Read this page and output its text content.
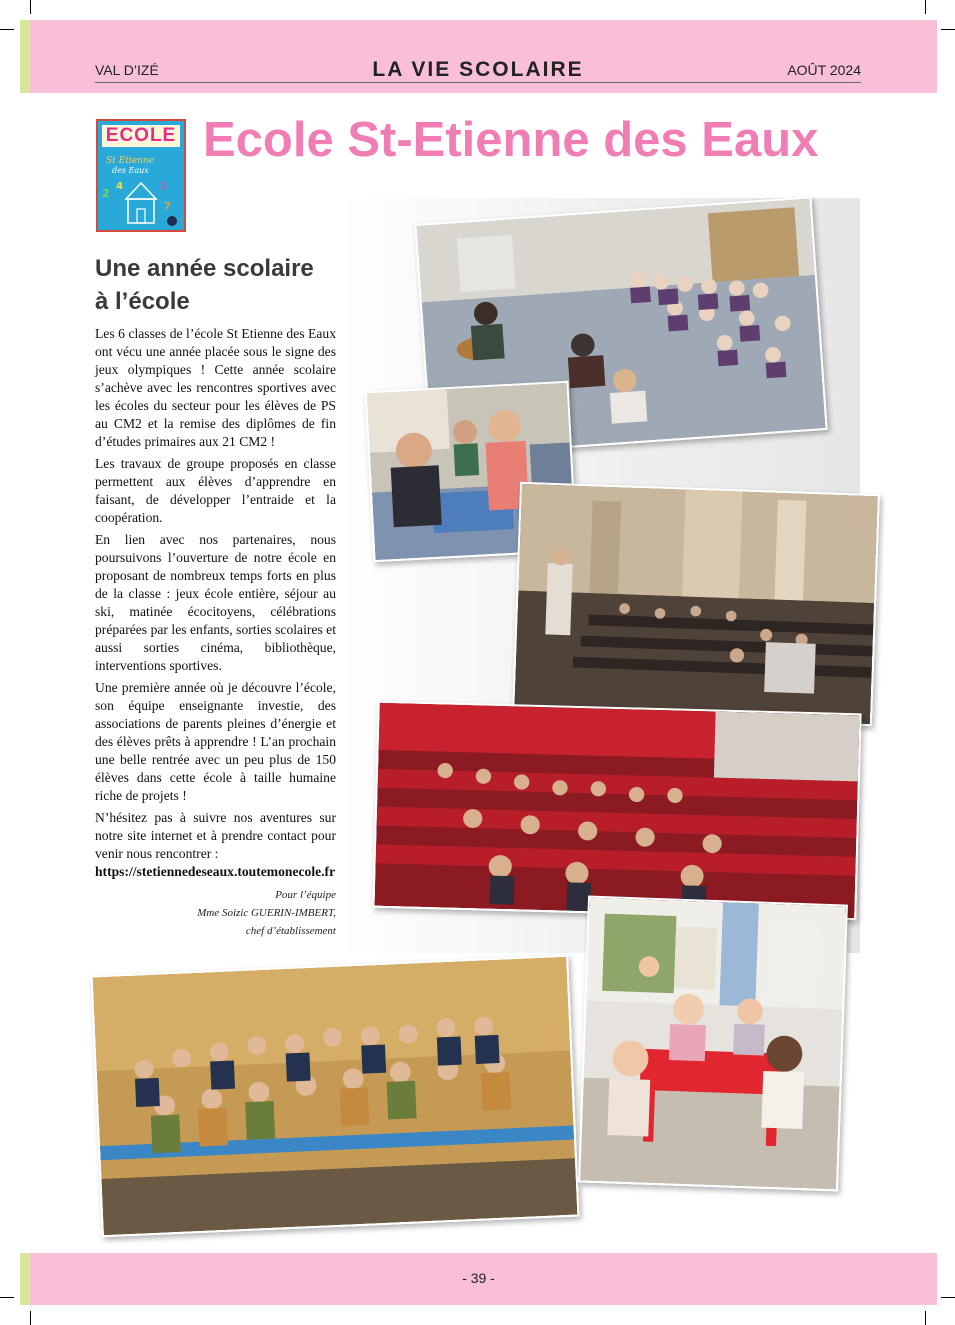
VAL D’IZÉ	LA VIE SCOLAIRE	AOÛT 2024
ECOLE
St Etienne
des Eaux
2
4	1
7
Ecole St-Etienne des Eaux
Une année scolaire
à l’école

Les 6 classes de l’école St Etienne des Eaux ont vécu une année placée sous le signe des jeux olympiques ! Cette année scolaire s’achève avec les rencontres sportives avec les écoles du secteur pour les élèves de PS au CM2 et la remise des diplômes de fin d’études primaires aux 21 CM2 !

Les travaux de groupe proposés en classe permettent aux élèves d’apprendre en faisant, de développer l’entraide et la coopération.

En lien avec nos partenaires, nous poursuivons l’ouverture de notre école en proposant de nombreux temps forts en plus de la classe : jeux école entière, séjour au ski, matinée écocitoyens, célébrations préparées par les enfants, sorties scolaires et aussi sorties cinéma, bibliothèque, interventions sportives.

Une première année où je découvre l’école, son équipe enseignante investie, des associations de parents pleines d’énergie et des élèves prêts à apprendre ! L’an prochain une belle rentrée avec un peu plus de 150 élèves dans cette école à taille humaine riche de projets !

N’hésitez pas à suivre nos aventures sur notre site internet et à prendre contact pour venir nous rencontrer :

https://stetiennedeseaux.toutemonecole.fr
Pour l’équipe
Mme Soizic GUERIN-IMBERT,
chef d’établissement
- 39 -
